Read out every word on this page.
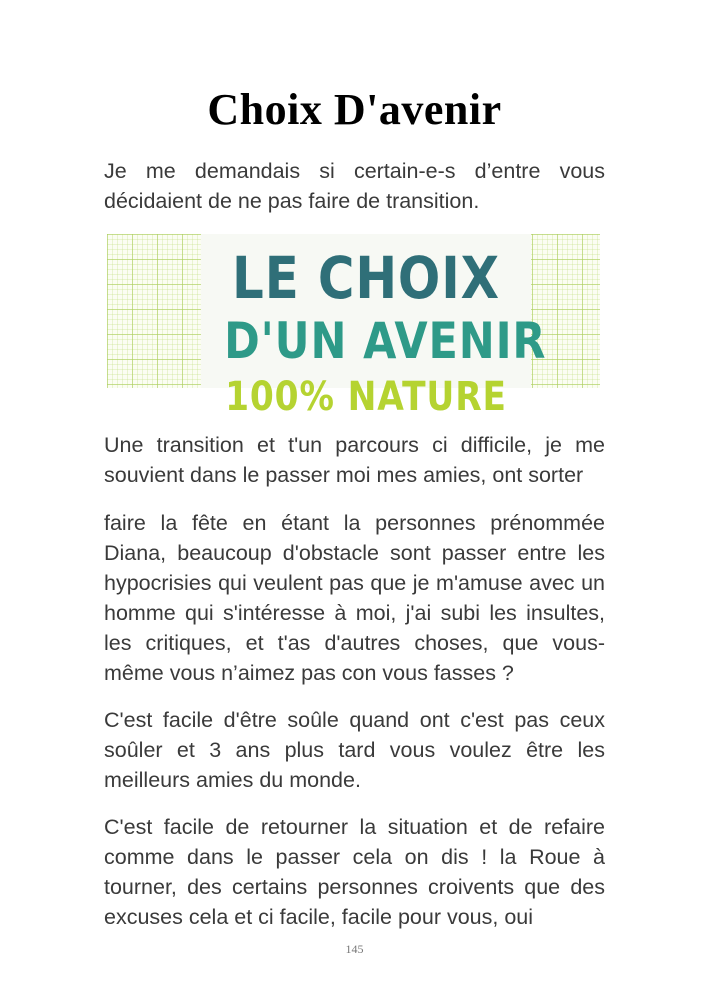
Choix D'avenir

Je me demandais si certain-e-s d’entre vous décidaient de ne pas faire de transition.

LE CHOIX
D'UN AVENIR
100% NATURE

Une transition et t'un parcours ci difficile, je me souvient dans le passer moi mes amies, ont sorter

faire la fête en étant la personnes prénommée Diana, beaucoup d'obstacle sont passer entre les hypocrisies qui veulent pas que je m'amuse avec un homme qui s'intéresse à moi, j'ai subi les insultes, les critiques, et t'as d'autres choses, que vous-même vous n’aimez pas con vous fasses ?

C'est facile d'être soûle quand ont c'est pas ceux soûler et 3 ans plus tard vous voulez être les meilleurs amies du monde.

C'est facile de retourner la situation et de refaire comme dans le passer cela on dis ! la Roue à tourner, des certains personnes croivents que des excuses cela et ci facile, facile pour vous, oui

145
